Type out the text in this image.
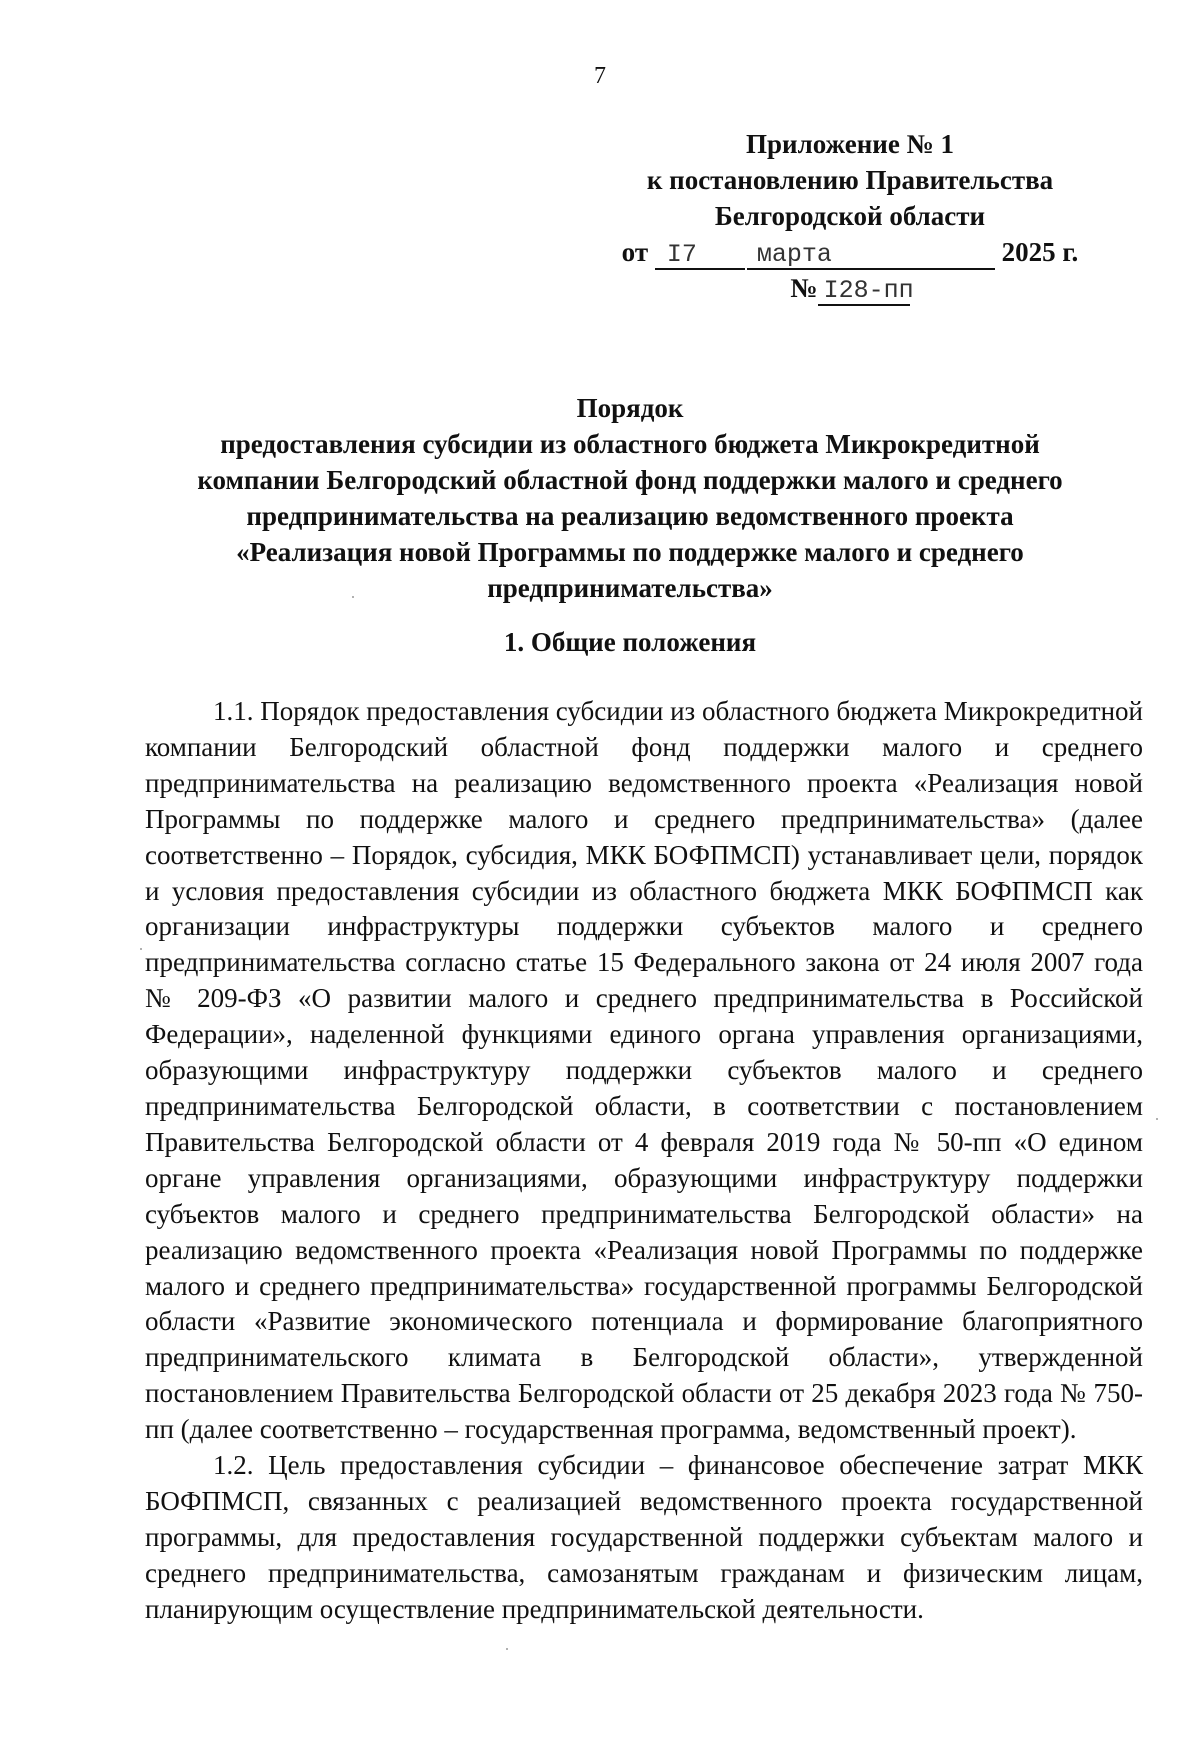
7
Приложение № 1
к постановлению Правительства
Белгородской области
от I7 марта	2025 г.
№ I28-пп
Порядок
предоставления субсидии из областного бюджета Микрокредитной
компании Белгородский областной фонд поддержки малого и среднего
предпринимательства на реализацию ведомственного проекта
«Реализация новой Программы по поддержке малого и среднего
предпринимательства»
1. Общие положения

1.1. Порядок предоставления субсидии из областного бюджета Микрокредитной компании Белгородский областной фонд поддержки малого и среднего предпринимательства на реализацию ведомственного проекта «Реализация новой Программы по поддержке малого и среднего предпринимательства» (далее соответственно – Порядок, субсидия, МКК БОФПМСП) устанавливает цели, порядок и условия предоставления субсидии из областного бюджета МКК БОФПМСП как организации инфраструктуры поддержки субъектов малого и среднего предпринимательства согласно статье 15 Федерального закона от 24 июля 2007 года № 209-ФЗ «О развитии малого и среднего предпринимательства в Российской Федерации», наделенной функциями единого органа управления организациями, образующими инфраструктуру поддержки субъектов малого и среднего предпринимательства Белгородской области, в соответствии с постановлением Правительства Белгородской области от 4 февраля 2019 года № 50-пп «О едином органе управления организациями, образующими инфраструктуру поддержки субъектов малого и среднего предпринимательства Белгородской области» на реализацию ведомственного проекта «Реализация новой Программы по поддержке малого и среднего предпринимательства» государственной программы Белгородской области «Развитие экономического потенциала и формирование благоприятного предпринимательского климата в Белгородской области», утвержденной постановлением Правительства Белгородской области от 25 декабря 2023 года № 750-пп (далее соответственно – государственная программа, ведомственный проект).

1.2. Цель предоставления субсидии – финансовое обеспечение затрат МКК БОФПМСП, связанных с реализацией ведомственного проекта государственной программы, для предоставления государственной поддержки субъектам малого и среднего предпринимательства, самозанятым гражданам и физическим лицам, планирующим осуществление предпринимательской деятельности.
